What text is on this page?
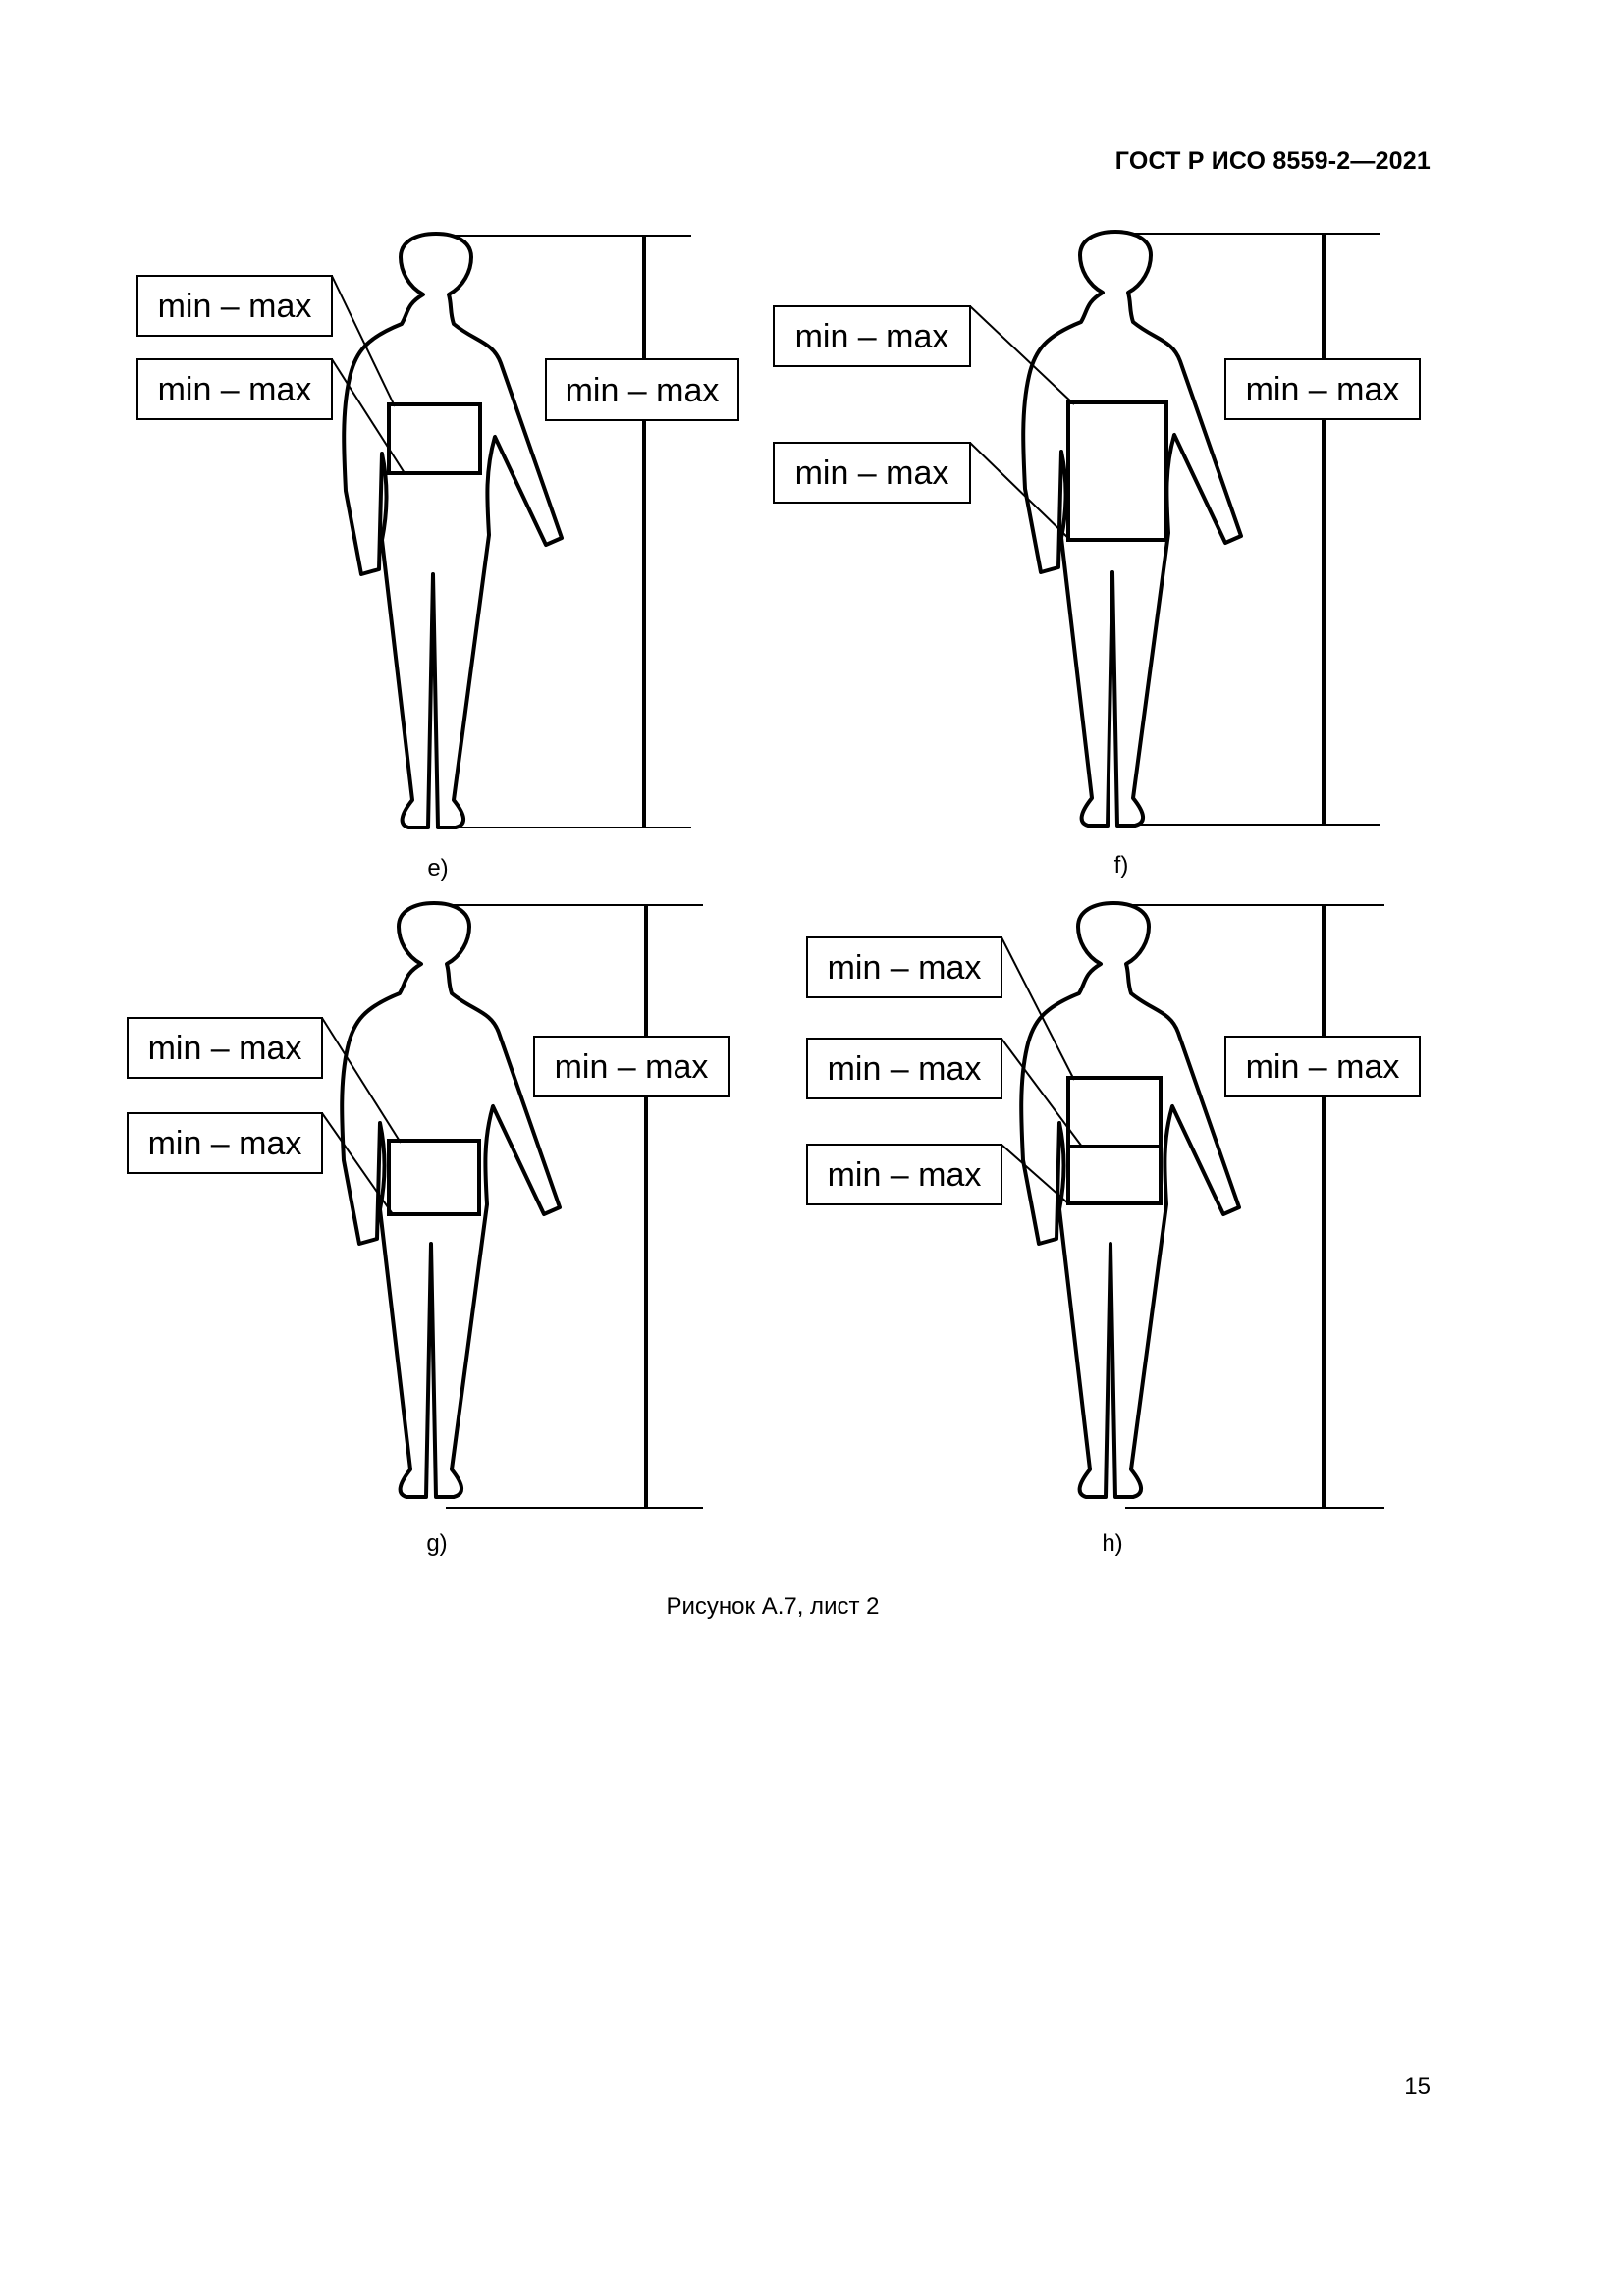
ГОСТ Р ИСО 8559-2—2021
min – max
min – max
min – max
e)
min – max
min – max
min – max
f)
min – max
min – max
min – max
g)
min – max
min – max
min – max
min – max
h)
Рисунок А.7, лист 2
15
